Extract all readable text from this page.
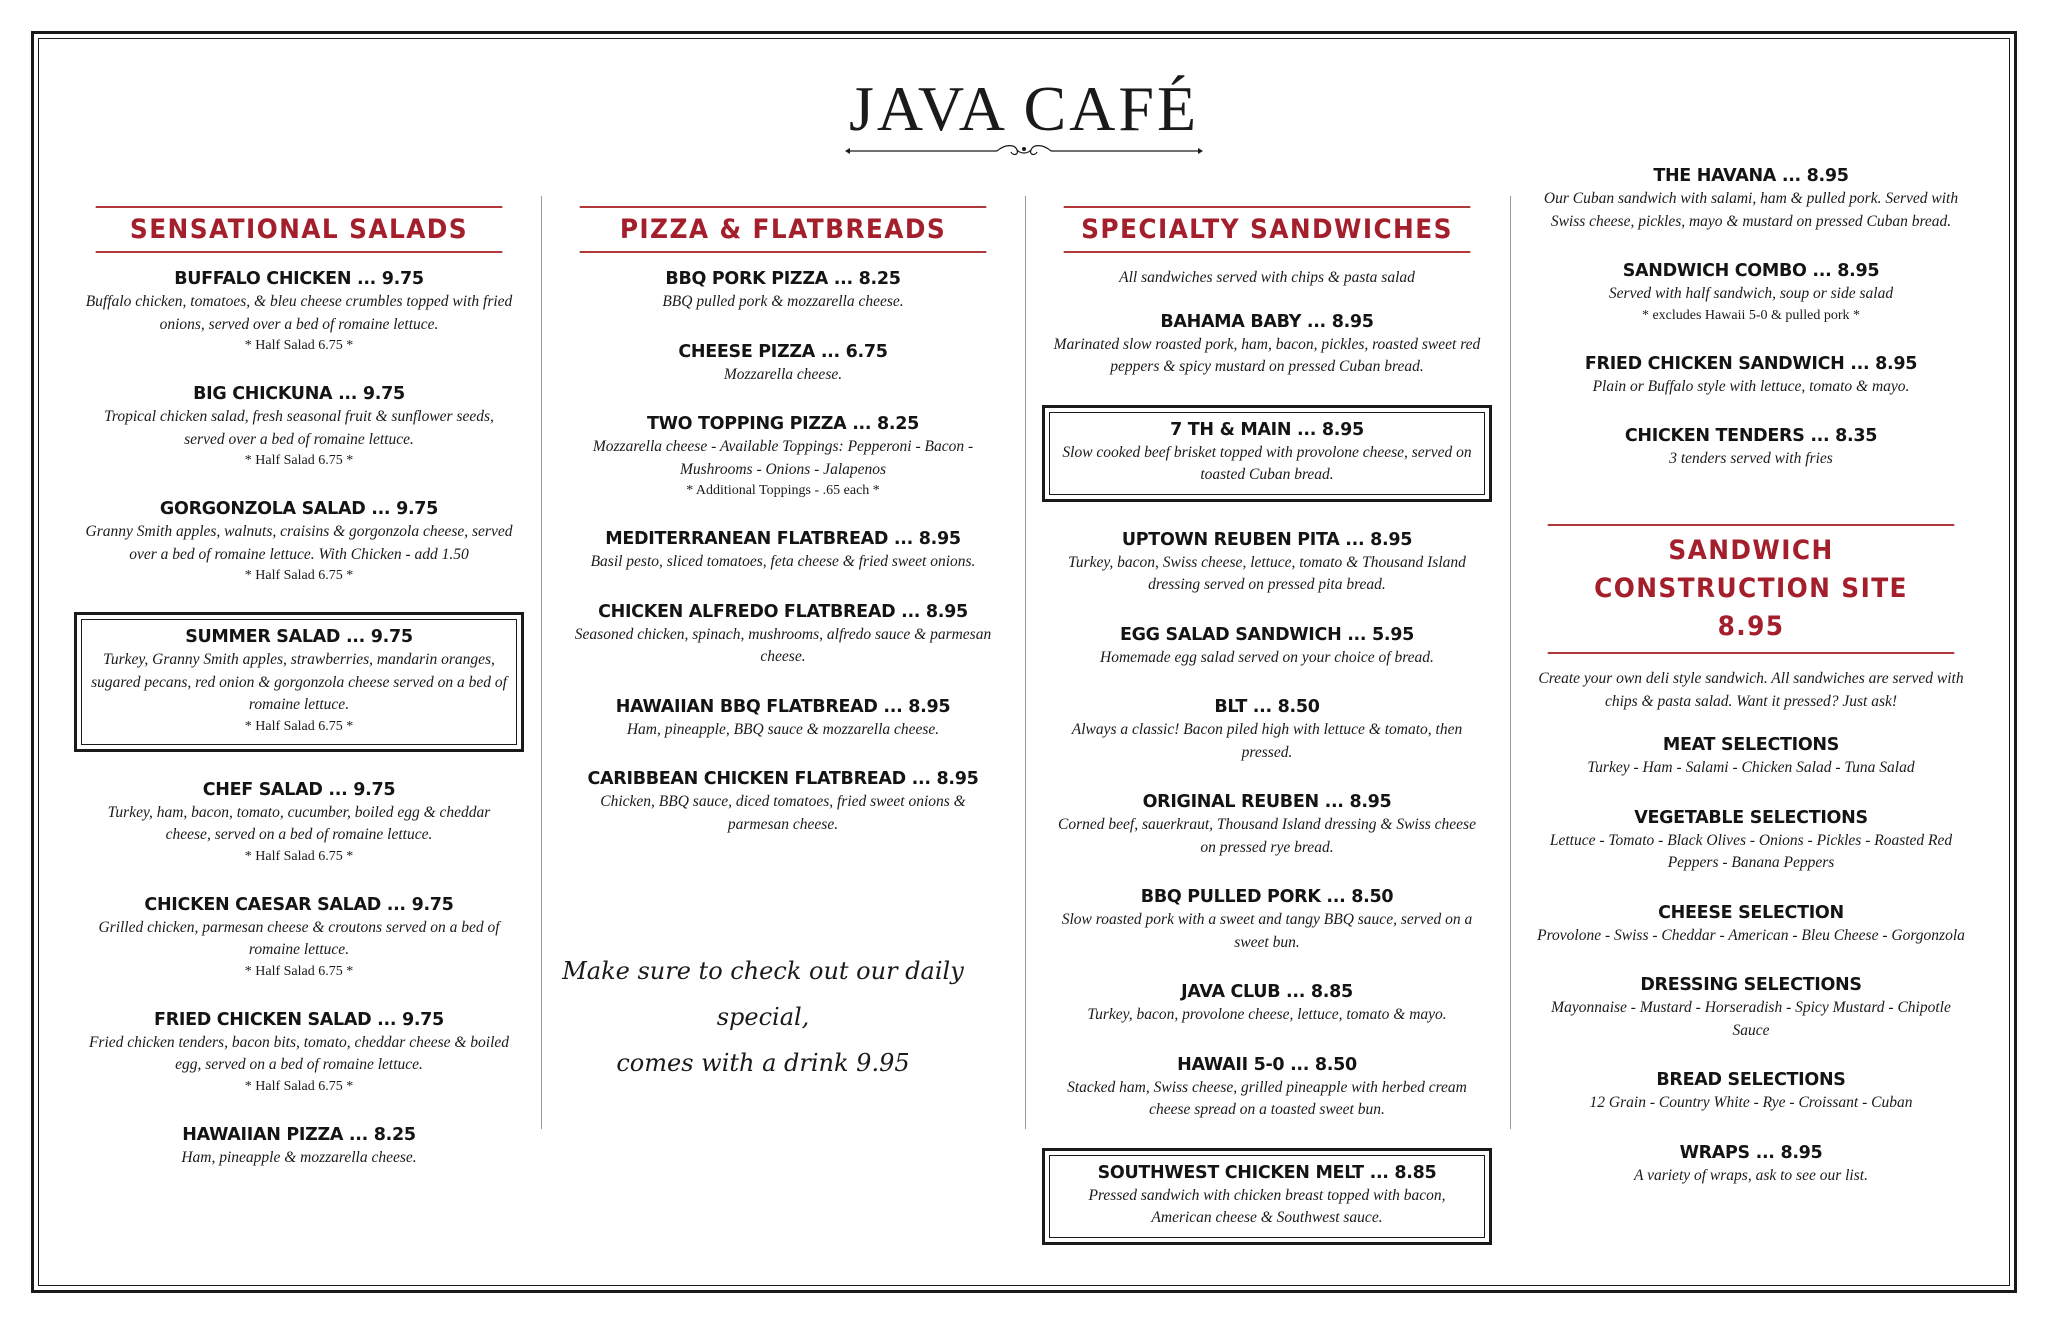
JAVA CAFÉ
SENSATIONAL SALADS
BUFFALO CHICKEN ... 9.75
Buffalo chicken, tomatoes, & bleu cheese crumbles topped with fried onions, served over a bed of romaine lettuce.
* Half Salad 6.75 *
BIG CHICKUNA ... 9.75
Tropical chicken salad, fresh seasonal fruit & sunflower seeds, served over a bed of romaine lettuce.
* Half Salad 6.75 *
GORGONZOLA SALAD ... 9.75
Granny Smith apples, walnuts, craisins & gorgonzola cheese, served over a bed of romaine lettuce. With Chicken - add 1.50
* Half Salad 6.75 *
SUMMER SALAD ... 9.75
Turkey, Granny Smith apples, strawberries, mandarin oranges, sugared pecans, red onion & gorgonzola cheese served on a bed of romaine lettuce.
* Half Salad 6.75 *
CHEF SALAD ... 9.75
Turkey, ham, bacon, tomato, cucumber, boiled egg & cheddar cheese, served on a bed of romaine lettuce.
* Half Salad 6.75 *
CHICKEN CAESAR SALAD ... 9.75
Grilled chicken, parmesan cheese & croutons served on a bed of romaine lettuce.
* Half Salad 6.75 *
FRIED CHICKEN SALAD ... 9.75
Fried chicken tenders, bacon bits, tomato, cheddar cheese & boiled egg, served on a bed of romaine lettuce.
* Half Salad 6.75 *
HAWAIIAN PIZZA ... 8.25
Ham, pineapple & mozzarella cheese.
PIZZA & FLATBREADS
BBQ PORK PIZZA ... 8.25
BBQ pulled pork & mozzarella cheese.
CHEESE PIZZA ... 6.75
Mozzarella cheese.
TWO TOPPING PIZZA ... 8.25
Mozzarella cheese - Available Toppings: Pepperoni - Bacon - Mushrooms - Onions - Jalapenos
* Additional Toppings - .65 each *
MEDITERRANEAN FLATBREAD ... 8.95
Basil pesto, sliced tomatoes, feta cheese & fried sweet onions.
CHICKEN ALFREDO FLATBREAD ... 8.95
Seasoned chicken, spinach, mushrooms, alfredo sauce & parmesan cheese.
HAWAIIAN BBQ FLATBREAD ... 8.95
Ham, pineapple, BBQ sauce & mozzarella cheese.
CARIBBEAN CHICKEN FLATBREAD ... 8.95
Chicken, BBQ sauce, diced tomatoes, fried sweet onions & parmesan cheese.
Make sure to check out our daily special,
comes with a drink 9.95
SPECIALTY SANDWICHES
All sandwiches served with chips & pasta salad
BAHAMA BABY ... 8.95
Marinated slow roasted pork, ham, bacon, pickles, roasted sweet red peppers & spicy mustard on pressed Cuban bread.
7 TH & MAIN ... 8.95
Slow cooked beef brisket topped with provolone cheese, served on toasted Cuban bread.
UPTOWN REUBEN PITA ... 8.95
Turkey, bacon, Swiss cheese, lettuce, tomato & Thousand Island dressing served on pressed pita bread.
EGG SALAD SANDWICH ... 5.95
Homemade egg salad served on your choice of bread.
BLT ... 8.50
Always a classic! Bacon piled high with lettuce & tomato, then pressed.
ORIGINAL REUBEN ... 8.95
Corned beef, sauerkraut, Thousand Island dressing & Swiss cheese on pressed rye bread.
BBQ PULLED PORK ... 8.50
Slow roasted pork with a sweet and tangy BBQ sauce, served on a sweet bun.
JAVA CLUB ... 8.85
Turkey, bacon, provolone cheese, lettuce, tomato & mayo.
HAWAII 5-0 ... 8.50
Stacked ham, Swiss cheese, grilled pineapple with herbed cream cheese spread on a toasted sweet bun.
SOUTHWEST CHICKEN MELT ... 8.85
Pressed sandwich with chicken breast topped with bacon, American cheese & Southwest sauce.
THE HAVANA ... 8.95
Our Cuban sandwich with salami, ham & pulled pork. Served with Swiss cheese, pickles, mayo & mustard on pressed Cuban bread.
SANDWICH COMBO ... 8.95
Served with half sandwich, soup or side salad
* excludes Hawaii 5-0 & pulled pork *
FRIED CHICKEN SANDWICH ... 8.95
Plain or Buffalo style with lettuce, tomato & mayo.
CHICKEN TENDERS ... 8.35
3 tenders served with fries
SANDWICH CONSTRUCTION SITE
8.95
Create your own deli style sandwich. All sandwiches are served with chips & pasta salad. Want it pressed? Just ask!
MEAT SELECTIONS
Turkey - Ham - Salami - Chicken Salad - Tuna Salad
VEGETABLE SELECTIONS
Lettuce - Tomato - Black Olives - Onions - Pickles - Roasted Red Peppers - Banana Peppers
CHEESE SELECTION
Provolone - Swiss - Cheddar - American - Bleu Cheese - Gorgonzola
DRESSING SELECTIONS
Mayonnaise - Mustard - Horseradish - Spicy Mustard - Chipotle Sauce
BREAD SELECTIONS
12 Grain - Country White - Rye - Croissant - Cuban
WRAPS ... 8.95
A variety of wraps, ask to see our list.
